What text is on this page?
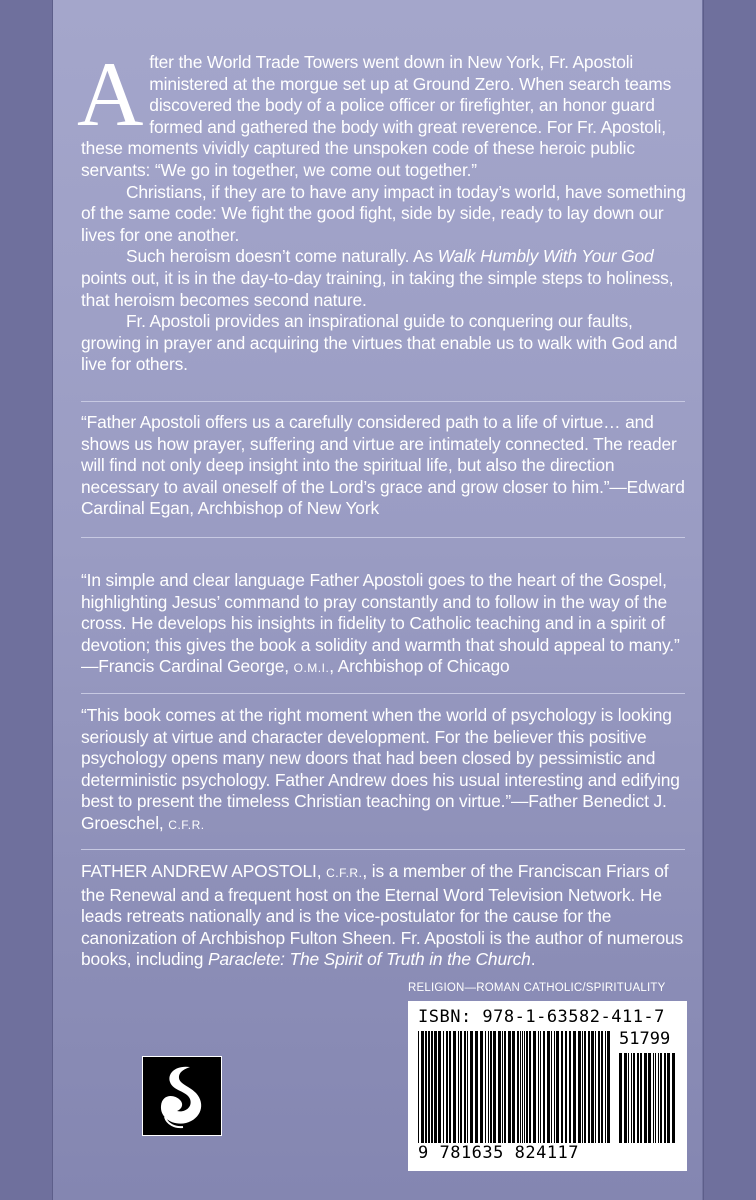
After the World Trade Towers went down in New York, Fr. Apostoli ministered at the morgue set up at Ground Zero. When search teams discovered the body of a police officer or firefighter, an honor guard formed and gathered the body with great reverence. For Fr. Apostoli, these moments vividly captured the unspoken code of these heroic public servants: “We go in together, we come out together.”

Christians, if they are to have any impact in today’s world, have something of the same code: We fight the good fight, side by side, ready to lay down our lives for one another.

Such heroism doesn’t come naturally. As Walk Humbly With Your God points out, it is in the day-to-day training, in taking the simple steps to holiness, that heroism becomes second nature.

Fr. Apostoli provides an inspirational guide to conquering our faults, growing in prayer and acquiring the virtues that enable us to walk with God and live for others.

“Father Apostoli offers us a carefully considered path to a life of virtue… and shows us how prayer, suffering and virtue are intimately connected. The reader will find not only deep insight into the spiritual life, but also the direction necessary to avail oneself of the Lord’s grace and grow closer to him.”—Edward Cardinal Egan, Archbishop of New York

“In simple and clear language Father Apostoli goes to the heart of the Gospel, highlighting Jesus’ command to pray constantly and to follow in the way of the cross. He develops his insights in fidelity to Catholic teaching and in a spirit of devotion; this gives the book a solidity and warmth that should appeal to many.”

—Francis Cardinal George, O.M.I., Archbishop of Chicago

“This book comes at the right moment when the world of psychology is looking seriously at virtue and character development. For the believer this positive psychology opens many new doors that had been closed by pessimistic and deterministic psychology. Father Andrew does his usual interesting and edifying best to present the timeless Christian teaching on virtue.”—Father Benedict J. Groeschel, C.F.R.

FATHER ANDREW APOSTOLI, C.F.R., is a member of the Franciscan Friars of the Renewal and a frequent host on the Eternal Word Television Network. He leads retreats nationally and is the vice-postulator for the cause for the canonization of Archbishop Fulton Sheen. Fr. Apostoli is the author of numerous books, including Paraclete: The Spirit of Truth in the Church.

RELIGION—ROMAN CATHOLIC/SPIRITUALITY
ISBN: 978-1-63582-411-7
51799
9 781635 824117
